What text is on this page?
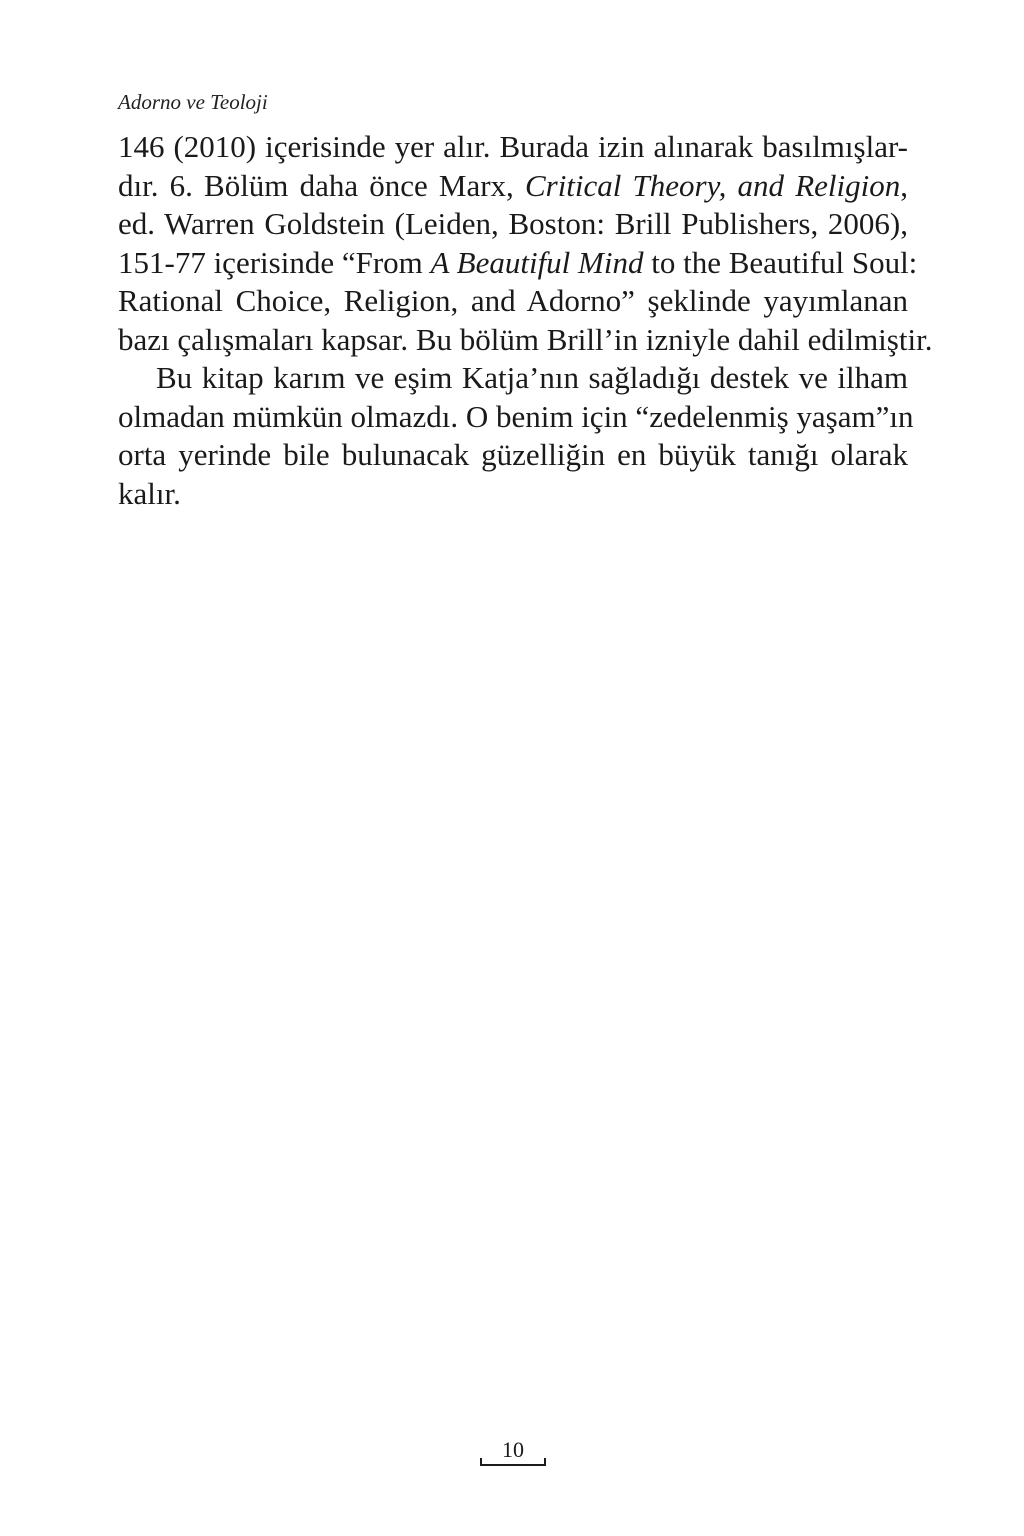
Adorno ve Teoloji
146 (2010) içerisinde yer alır. Burada izin alınarak basılmışlar-
dır. 6. Bölüm daha önce Marx, Critical Theory, and Religion,
ed. Warren Goldstein (Leiden, Boston: Brill Publishers, 2006),
151-77 içerisinde “From A Beautiful Mind to the Beautiful Soul:
Rational Choice, Religion, and Adorno” şeklinde yayımlanan
bazı çalışmaları kapsar. Bu bölüm Brill’in izniyle dahil edilmiştir.
Bu kitap karım ve eşim Katja’nın sağladığı destek ve ilham
olmadan mümkün olmazdı. O benim için “zedelenmiş yaşam”ın
orta yerinde bile bulunacak güzelliğin en büyük tanığı olarak
kalır.
10
